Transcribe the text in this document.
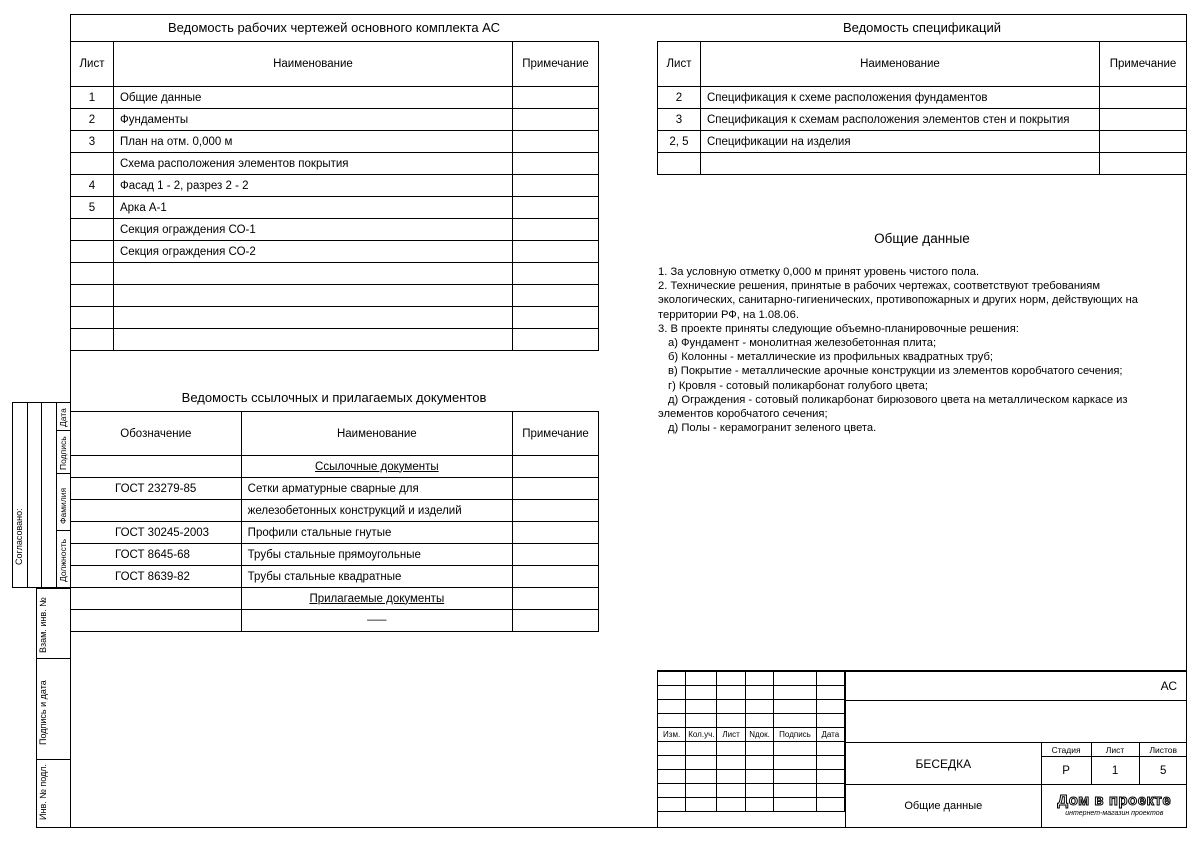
Ведомость рабочих чертежей основного комплекта АС
Лист	Наименование	Примечание
1	Общие данные	
2	Фундаменты	
3	План на отм. 0,000 м	
	Схема расположения элементов покрытия	
4	Фасад 1 - 2, разрез 2 - 2	
5	Арка А-1	
	Секция ограждения СО-1	
	Секция ограждения СО-2	

Ведомость спецификаций
Лист	Наименование	Примечание
2	Спецификация к схеме расположения фундаментов	
3	Спецификация к схемам расположения элементов стен и покрытия	
2, 5	Спецификации на изделия	

Общие данные

1. За условную отметку 0,000 м принят уровень чистого пола.

2. Технические решения, принятые в рабочих чертежах, соответствуют требованиям экологических, санитарно-гигиенических, противопожарных и других норм, действующих на территории РФ, на 1.08.06.

3. В проекте приняты следующие объемно-планировочные решения:

а) Фундамент - монолитная железобетонная плита;

б) Колонны - металлические из профильных квадратных труб;

в) Покрытие - металлические арочные конструкции из элементов коробчатого сечения;

г) Кровля - сотовый поликарбонат голубого цвета;

д) Ограждения - сотовый поликарбонат бирюзового цвета на металлическом каркасе из элементов коробчатого сечения;

д) Полы - керамогранит зеленого цвета.

Ведомость ссылочных и прилагаемых документов
Обозначение	Наименование	Примечание
	Ссылочные документы	
ГОСТ 23279-85	Сетки арматурные сварные для	
	железобетонных конструкций и изделий	
ГОСТ 30245-2003	Профили стальные гнутые	
ГОСТ 8645-68	Трубы стальные прямоугольные	
ГОСТ 8639-82	Трубы стальные квадратные	
	Прилагаемые документы	
	___	
Согласовано:
Дата
Подпись
Фамилия
Должность
Взам. инв. №
Подпись и дата
Инв. № подл.

Изм.	Кол.уч.	Лист	Nдок.	Подпись	Дата

АС			

БЕСЕДКА	Стадия	Лист	Листов
	Р	1	5

	Дом в проекте
интернет-магазин проектов		

Общие данные			
